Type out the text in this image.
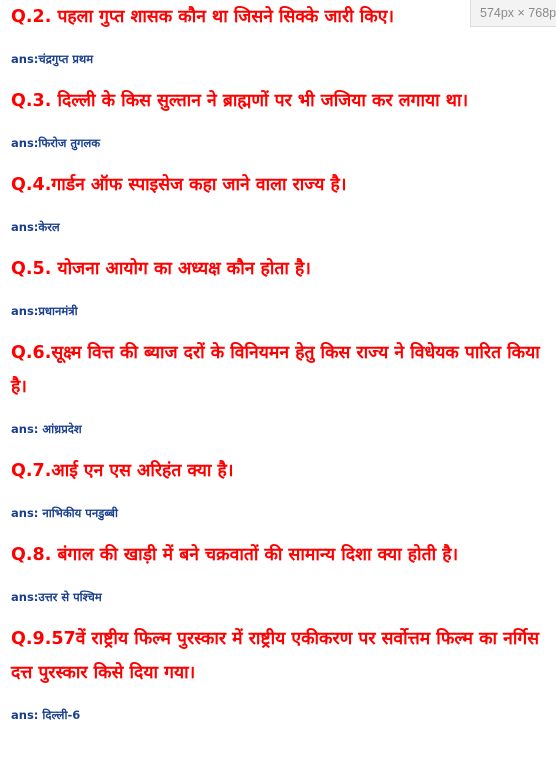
Q.2. पहला गुप्त शासक कौन था जिसने सिक्के जारी किए।

ans:चंद्रगुप्त प्रथम

Q.3. दिल्ली के किस सुल्तान ने ब्राह्मणों पर भी जजिया कर लगाया था।

ans:फिरोज तुगलक

Q.4.गार्डन ऑफ स्पाइसेज कहा जाने वाला राज्य है।

ans:केरल

Q.5. योजना आयोग का अध्यक्ष कौन होता है।

ans:प्रधानमंत्री

Q.6.सूक्ष्म वित्त की ब्याज दरों के विनियमन हेतु किस राज्य ने विधेयक पारित किया है।

ans: आंध्रप्रदेश

Q.7.आई एन एस अरिहंत क्या है।

ans: नाभिकीय पनडुब्बी

Q.8. बंगाल की खाड़ी में बने चक्रवातों की सामान्य दिशा क्या होती है।

ans:उत्तर से पश्चिम

Q.9.57वें राष्ट्रीय फिल्म पुरस्कार में राष्ट्रीय एकीकरण पर सर्वोत्तम फिल्म का नर्गिस दत्त पुरस्कार किसे दिया गया।

ans: दिल्ली-6

574px × 768p
